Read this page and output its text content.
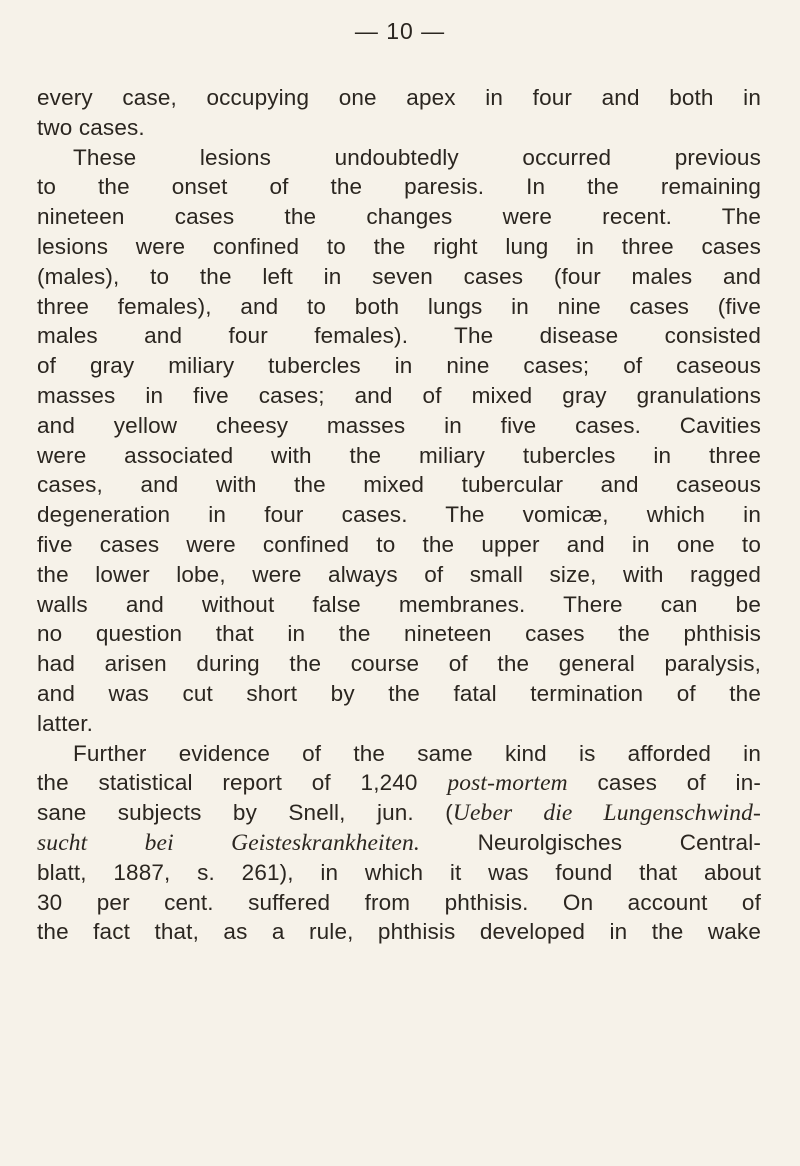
— 10 —
every case, occupying one apex in four and both in
two cases.
These lesions undoubtedly occurred previous
to the onset of the paresis. In the remaining
nineteen cases the changes were recent. The
lesions were confined to the right lung in three cases
(males), to the left in seven cases (four males and
three females), and to both lungs in nine cases (five
males and four females). The disease consisted
of gray miliary tubercles in nine cases; of caseous
masses in five cases; and of mixed gray granulations
and yellow cheesy masses in five cases. Cavities
were associated with the miliary tubercles in three
cases, and with the mixed tubercular and caseous
degeneration in four cases. The vomicæ, which in
five cases were confined to the upper and in one to
the lower lobe, were always of small size, with ragged
walls and without false membranes. There can be
no question that in the nineteen cases the phthisis
had arisen during the course of the general paralysis,
and was cut short by the fatal termination of the
latter.
Further evidence of the same kind is afforded in
the statistical report of 1,240 post-mortem cases of in-
sane subjects by Snell, jun. (Ueber die Lungenschwind-
sucht bei Geisteskrankheiten. Neurolgisches Central-
blatt, 1887, s. 261), in which it was found that about
30 per cent. suffered from phthisis. On account of
the fact that, as a rule, phthisis developed in the wake
